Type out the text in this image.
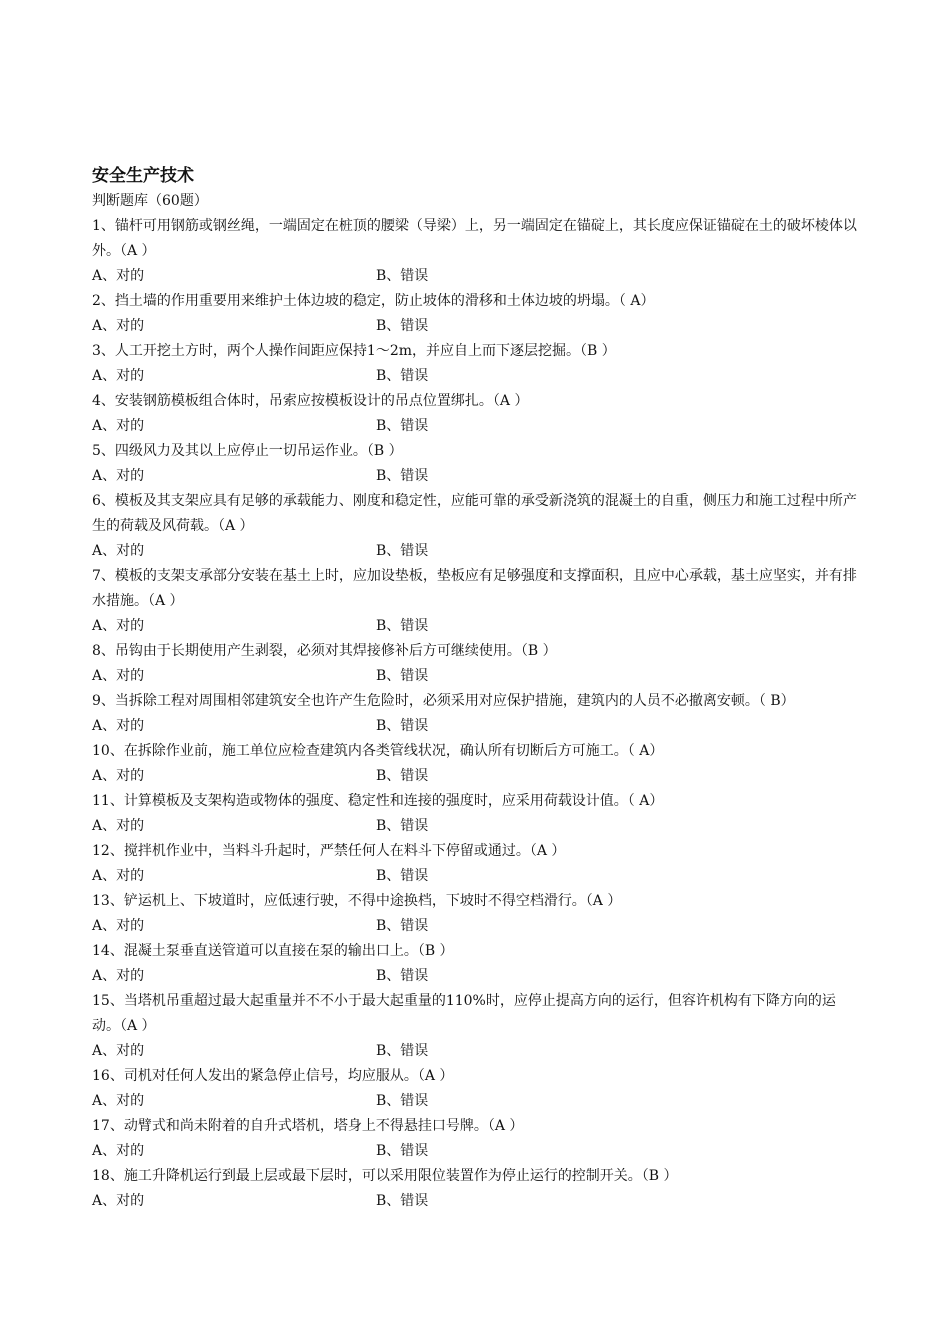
安全生产技术
判断题库（60题）
1、锚杆可用钢筋或钢丝绳，一端固定在桩顶的腰梁（导梁）上，另一端固定在锚碇上，其长度应保证锚碇在土的破坏棱体以外。（A ）
A、对的	B、错误
2、挡土墙的作用重要用来维护土体边坡的稳定，防止坡体的滑移和土体边坡的坍塌。（ A）
A、对的	B、错误
3、人工开挖土方时，两个人操作间距应保持1～2m，并应自上而下逐层挖掘。（B ）
A、对的	B、错误
4、安装钢筋模板组合体时，吊索应按模板设计的吊点位置绑扎。（A ）
A、对的	B、错误
5、四级风力及其以上应停止一切吊运作业。（B ）
A、对的	B、错误
6、模板及其支架应具有足够的承载能力、刚度和稳定性，应能可靠的承受新浇筑的混凝土的自重，侧压力和施工过程中所产生的荷载及风荷载。（A ）
A、对的	B、错误
7、模板的支架支承部分安装在基土上时，应加设垫板，垫板应有足够强度和支撑面积，且应中心承载，基土应坚实，并有排水措施。（A ）
A、对的	B、错误
8、吊钩由于长期使用产生剥裂，必须对其焊接修补后方可继续使用。（B ）
A、对的	B、错误
9、当拆除工程对周围相邻建筑安全也许产生危险时，必须采用对应保护措施，建筑内的人员不必撤离安顿。（ B）
A、对的	B、错误
10、在拆除作业前，施工单位应检查建筑内各类管线状况，确认所有切断后方可施工。（ A）
A、对的	B、错误
11、计算模板及支架构造或物体的强度、稳定性和连接的强度时，应采用荷载设计值。（ A）
A、对的	B、错误
12、搅拌机作业中，当料斗升起时，严禁任何人在料斗下停留或通过。（A ）
A、对的	B、错误
13、铲运机上、下坡道时，应低速行驶，不得中途换档，下坡时不得空档滑行。（A ）
A、对的	B、错误
14、混凝土泵垂直送管道可以直接在泵的输出口上。（B ）
A、对的	B、错误
15、当塔机吊重超过最大起重量并不不小于最大起重量的110%时，应停止提高方向的运行，但容许机构有下降方向的运动。（A ）
A、对的	B、错误
16、司机对任何人发出的紧急停止信号，均应服从。（A ）
A、对的	B、错误
17、动臂式和尚未附着的自升式塔机，塔身上不得悬挂口号牌。（A ）
A、对的	B、错误
18、施工升降机运行到最上层或最下层时，可以采用限位装置作为停止运行的控制开关。（B ）
A、对的	B、错误
